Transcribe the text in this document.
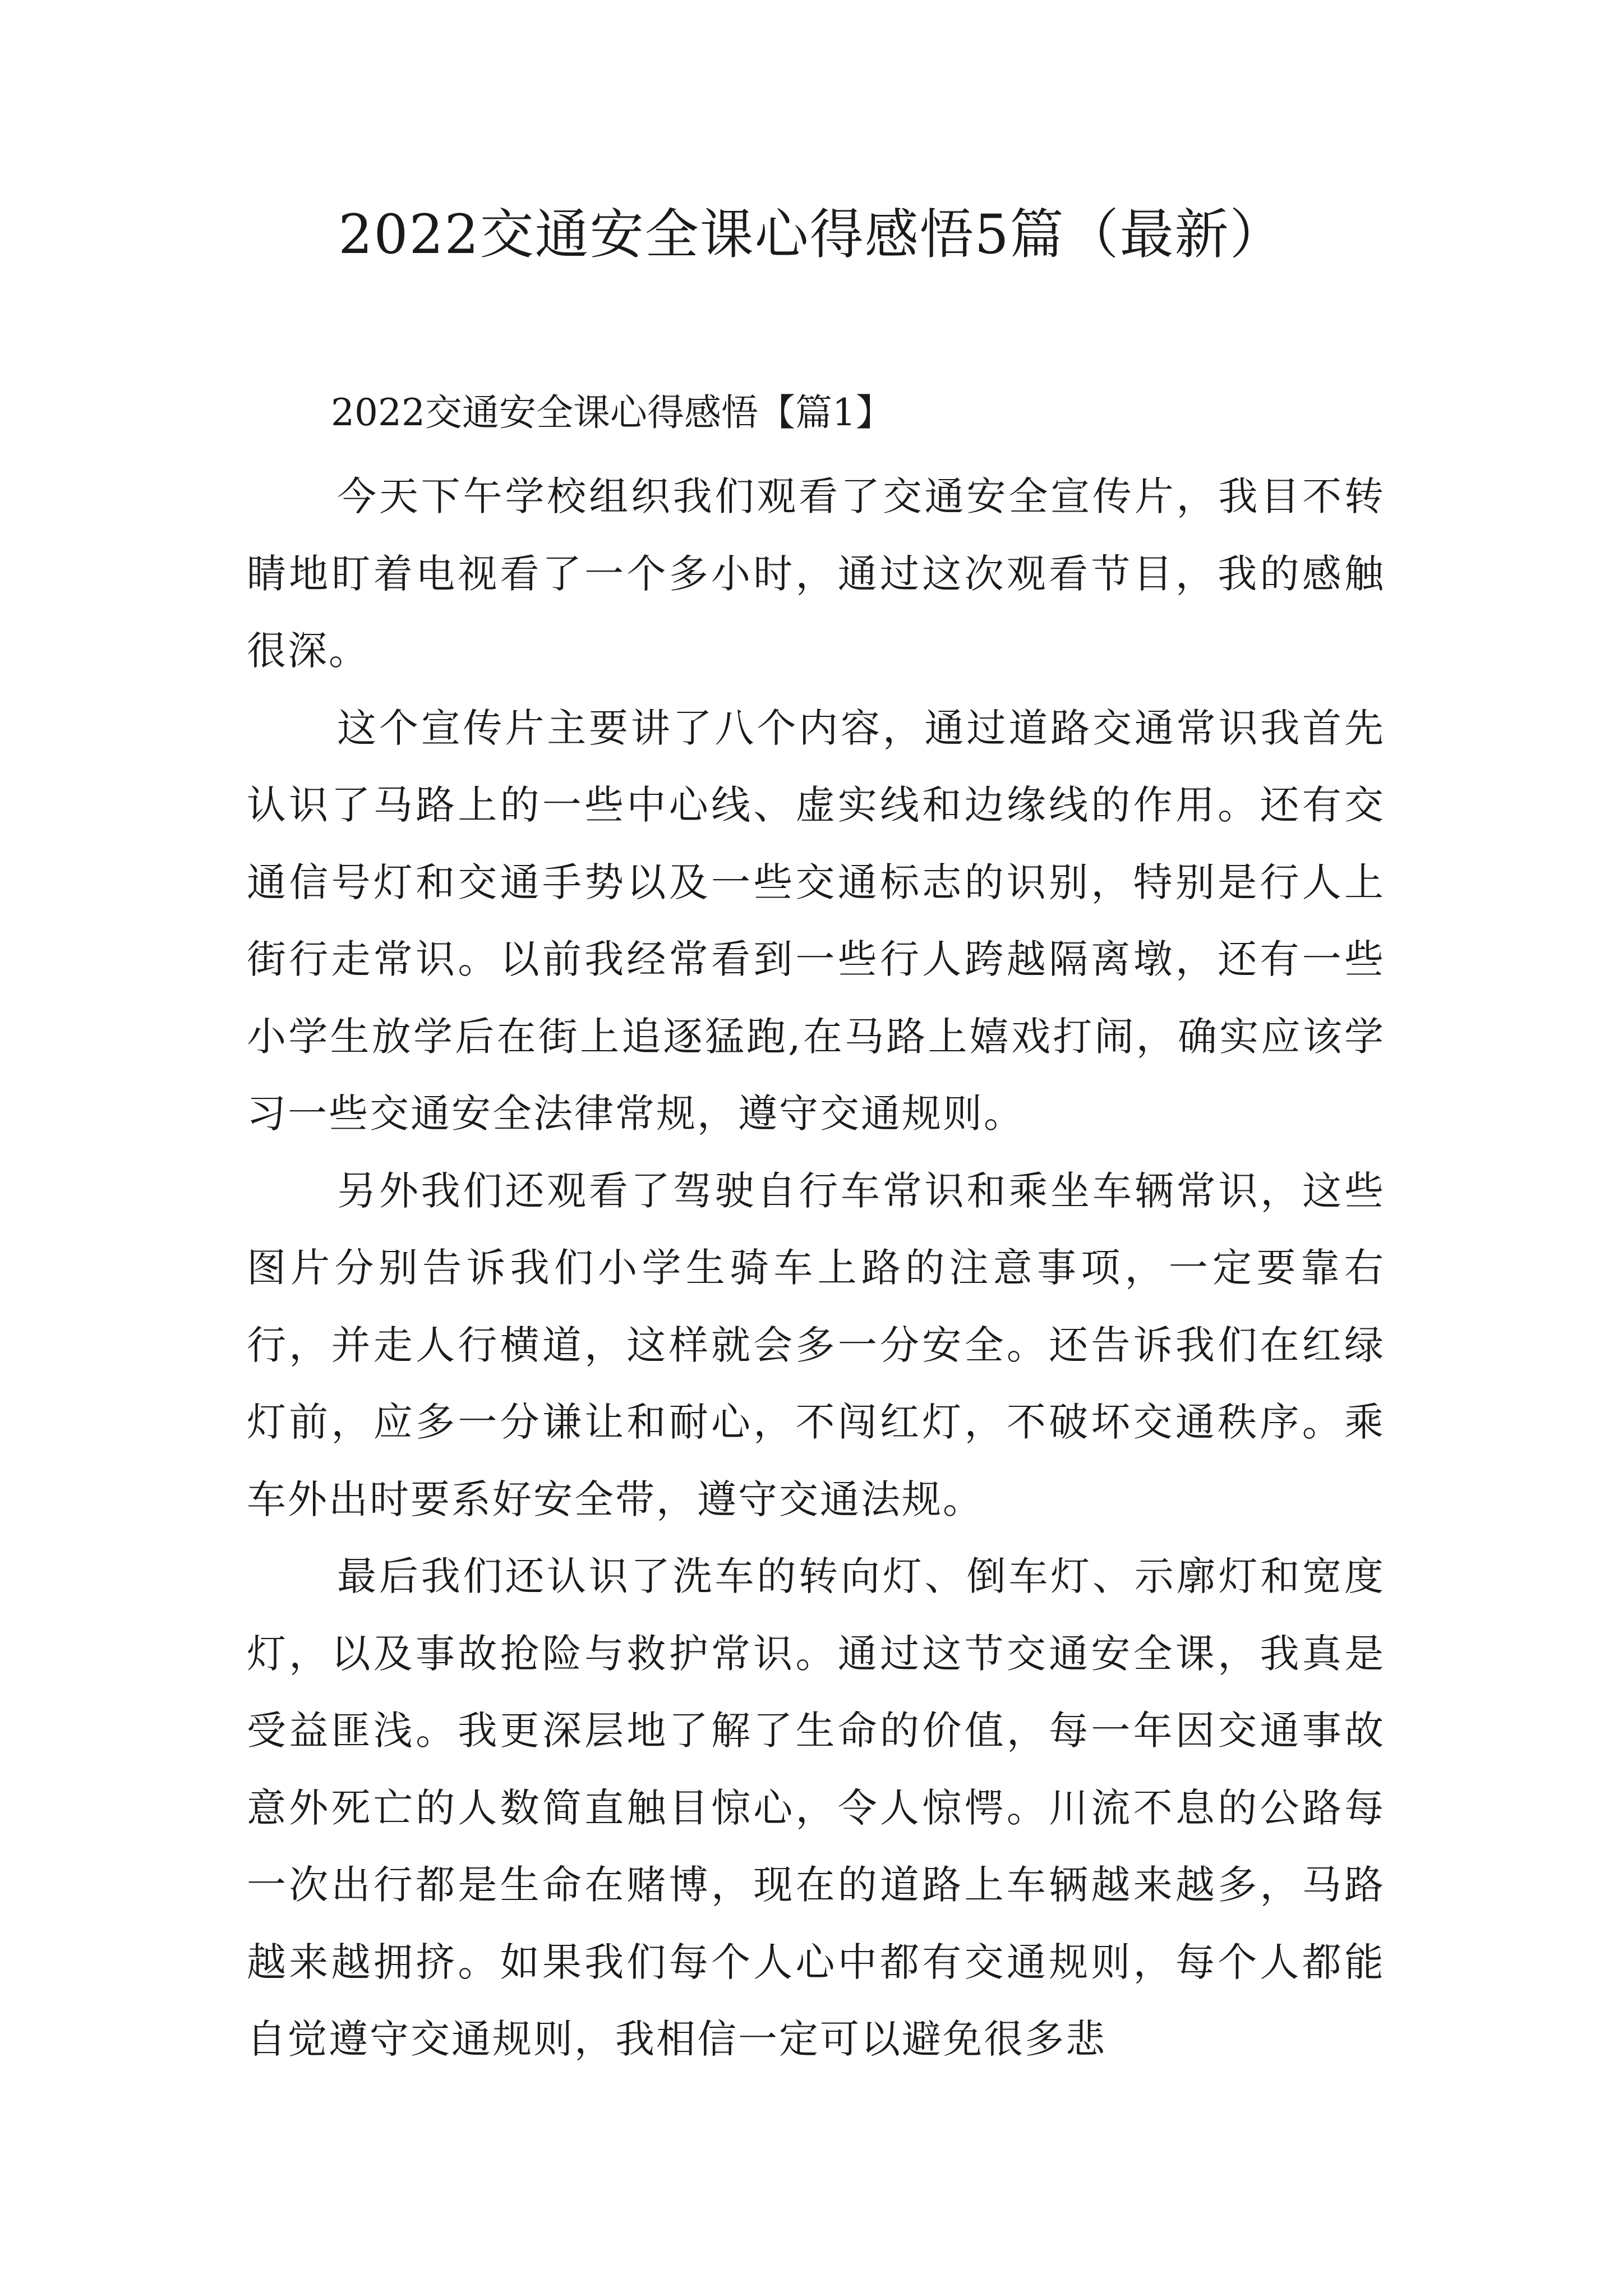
2022交通安全课心得感悟5篇（最新）
2022交通安全课心得感悟【篇1】

今天下午学校组织我们观看了交通安全宣传片，我目不转睛地盯着电视看了一个多小时，通过这次观看节目，我的感触很深。

这个宣传片主要讲了八个内容，通过道路交通常识我首先认识了马路上的一些中心线、虚实线和边缘线的作用。还有交通信号灯和交通手势以及一些交通标志的识别，特别是行人上街行走常识。以前我经常看到一些行人跨越隔离墩，还有一些小学生放学后在街上追逐猛跑,在马路上嬉戏打闹，确实应该学习一些交通安全法律常规，遵守交通规则。

另外我们还观看了驾驶自行车常识和乘坐车辆常识，这些图片分别告诉我们小学生骑车上路的注意事项，一定要靠右行，并走人行横道，这样就会多一分安全。还告诉我们在红绿灯前，应多一分谦让和耐心，不闯红灯，不破坏交通秩序。乘车外出时要系好安全带，遵守交通法规。

最后我们还认识了洗车的转向灯、倒车灯、示廓灯和宽度灯，以及事故抢险与救护常识。通过这节交通安全课，我真是受益匪浅。我更深层地了解了生命的价值，每一年因交通事故意外死亡的人数简直触目惊心，令人惊愕。川流不息的公路每一次出行都是生命在赌博，现在的道路上车辆越来越多，马路越来越拥挤。如果我们每个人心中都有交通规则，每个人都能自觉遵守交通规则，我相信一定可以避免很多悲
